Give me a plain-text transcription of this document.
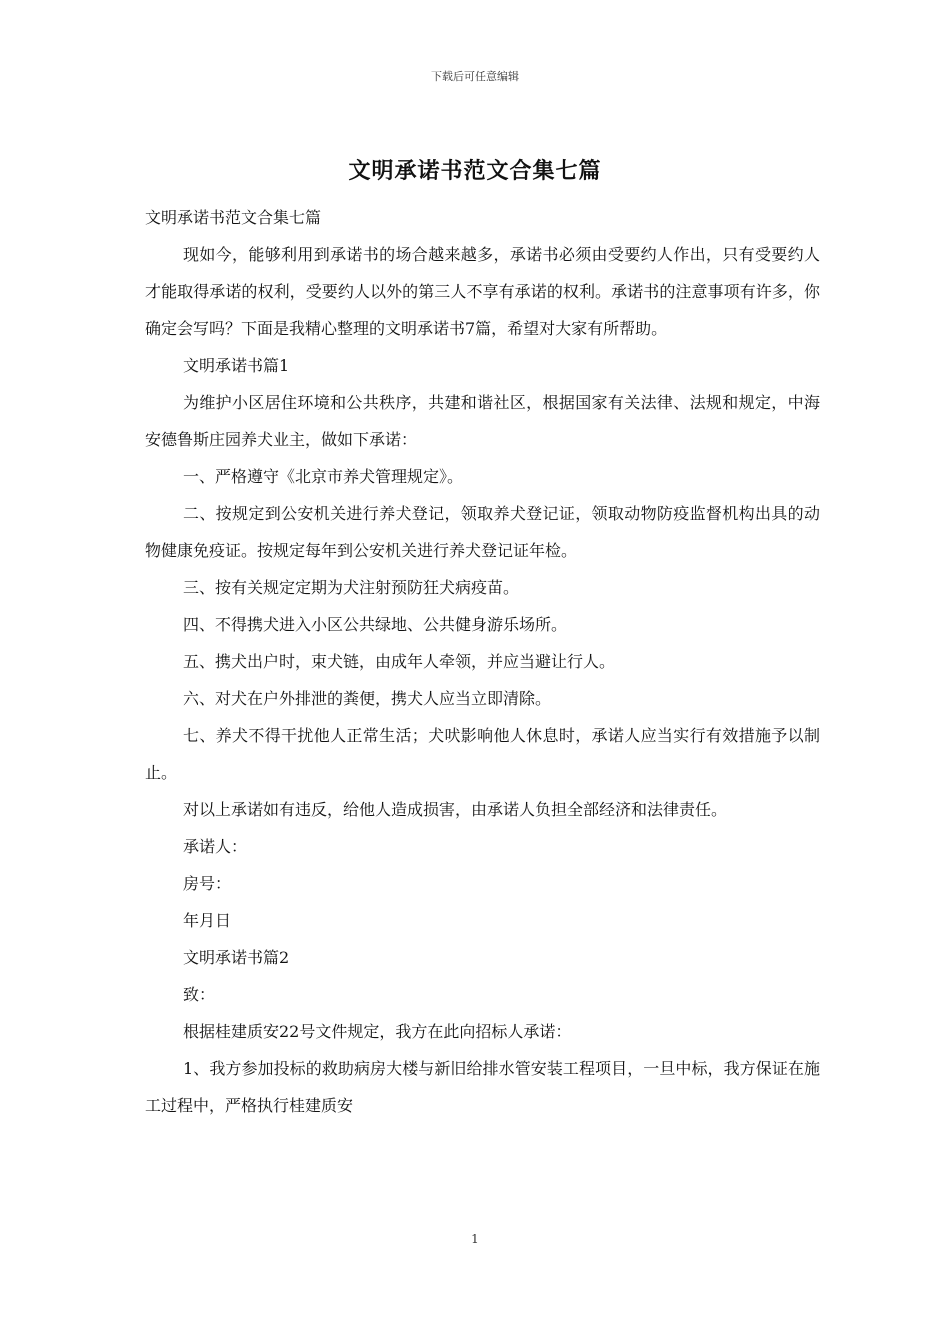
下载后可任意编辑
文明承诺书范文合集七篇

文明承诺书范文合集七篇

现如今，能够利用到承诺书的场合越来越多，承诺书必须由受要约人作出，只有受要约人才能取得承诺的权利，受要约人以外的第三人不享有承诺的权利。承诺书的注意事项有许多，你确定会写吗？下面是我精心整理的文明承诺书7篇，希望对大家有所帮助。

文明承诺书篇1

为维护小区居住环境和公共秩序，共建和谐社区，根据国家有关法律、法规和规定，中海安德鲁斯庄园养犬业主，做如下承诺：

一、严格遵守《北京市养犬管理规定》。

二、按规定到公安机关进行养犬登记，领取养犬登记证，领取动物防疫监督机构出具的动物健康免疫证。按规定每年到公安机关进行养犬登记证年检。

三、按有关规定定期为犬注射预防狂犬病疫苗。

四、不得携犬进入小区公共绿地、公共健身游乐场所。

五、携犬出户时，束犬链，由成年人牵领，并应当避让行人。

六、对犬在户外排泄的粪便，携犬人应当立即清除。

七、养犬不得干扰他人正常生活；犬吠影响他人休息时，承诺人应当实行有效措施予以制止。

对以上承诺如有违反，给他人造成损害，由承诺人负担全部经济和法律责任。

承诺人：

房号：

年月日

文明承诺书篇2

致：

根据桂建质安22号文件规定，我方在此向招标人承诺：

1、我方参加投标的救助病房大楼与新旧给排水管安装工程项目，一旦中标，我方保证在施工过程中，严格执行桂建质安

1
